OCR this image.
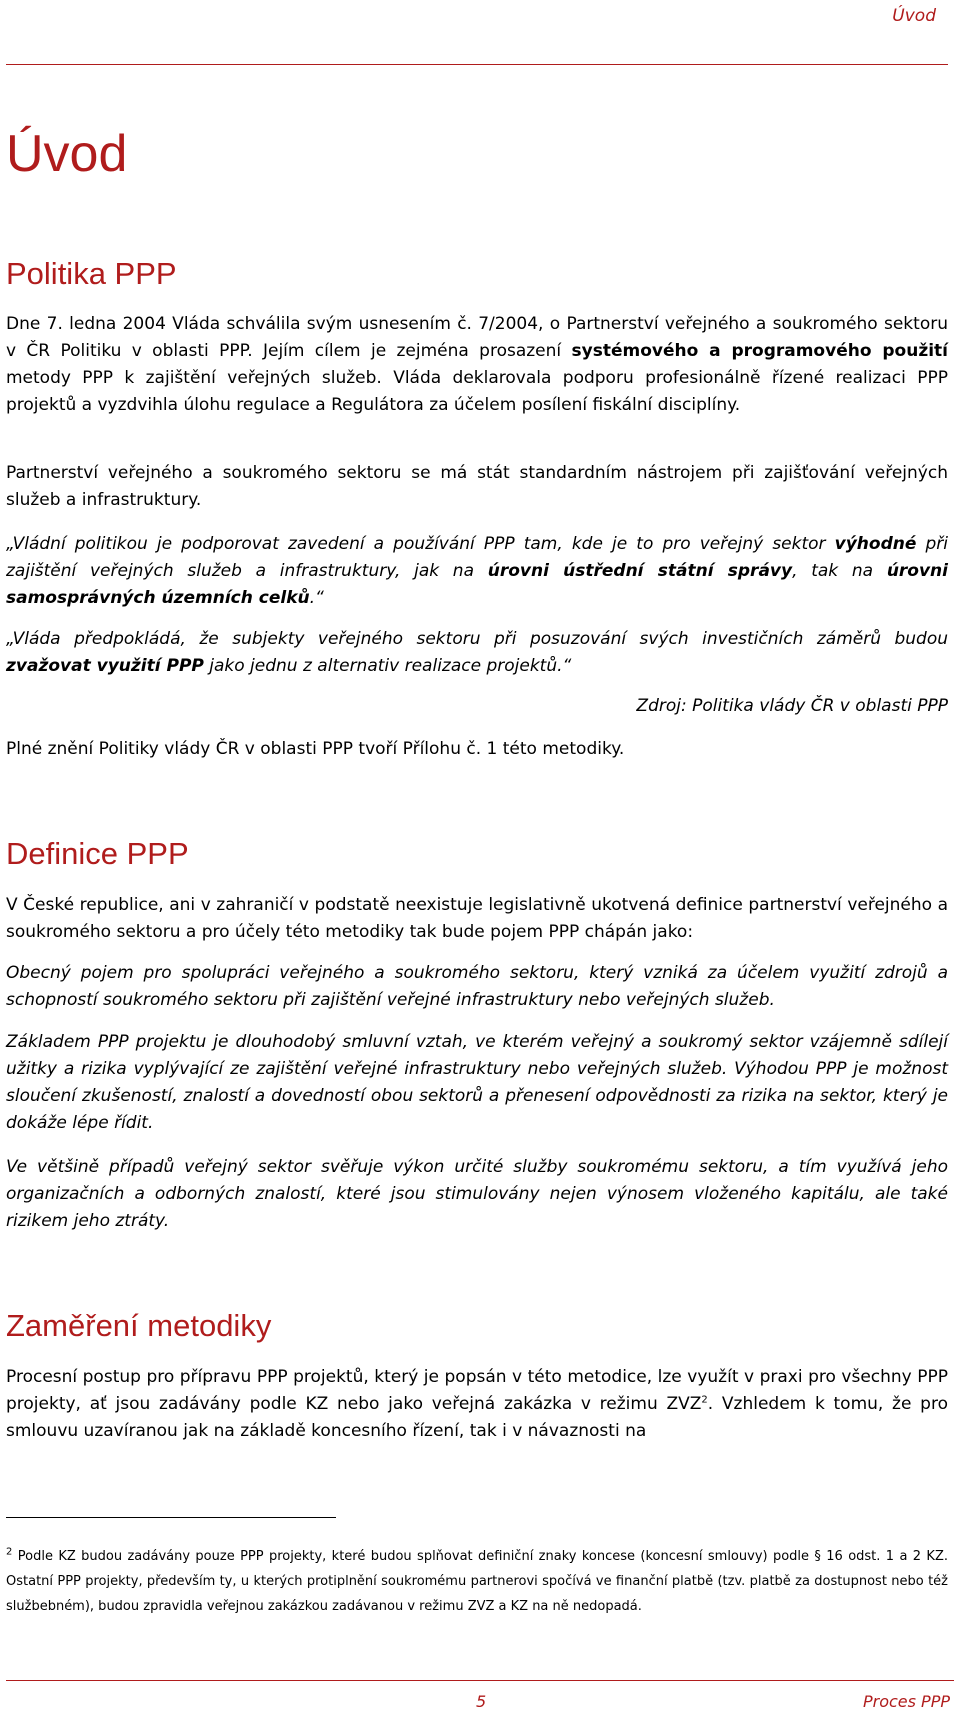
Úvod
Úvod
Politika PPP

Dne 7. ledna 2004 Vláda schválila svým usnesením č. 7/2004, o Partnerství veřejného a soukromého sektoru v ČR Politiku v oblasti PPP. Jejím cílem je zejména prosazení systémového a programového použití metody PPP k zajištění veřejných služeb. Vláda deklarovala podporu profesionálně řízené realizaci PPP projektů a vyzdvihla úlohu regulace a Regulátora za účelem posílení fiskální disciplíny.

Partnerství veřejného a soukromého sektoru se má stát standardním nástrojem při zajišťování veřejných služeb a infrastruktury.

„Vládní politikou je podporovat zavedení a používání PPP tam, kde je to pro veřejný sektor výhodné při zajištění veřejných služeb a infrastruktury, jak na úrovni ústřední státní správy, tak na úrovni samosprávných územních celků.“

„Vláda předpokládá, že subjekty veřejného sektoru při posuzování svých investičních záměrů budou zvažovat využití PPP jako jednu z alternativ realizace projektů.“

Zdroj: Politika vlády ČR v oblasti PPP

Plné znění Politiky vlády ČR v oblasti PPP tvoří Přílohu č. 1 této metodiky.

Definice PPP

V České republice, ani v zahraničí v podstatě neexistuje legislativně ukotvená definice partnerství veřejného a soukromého sektoru a pro účely této metodiky tak bude pojem PPP chápán jako:

Obecný pojem pro spolupráci veřejného a soukromého sektoru, který vzniká za účelem využití zdrojů a schopností soukromého sektoru při zajištění veřejné infrastruktury nebo veřejných služeb.

Základem PPP projektu je dlouhodobý smluvní vztah, ve kterém veřejný a soukromý sektor vzájemně sdílejí užitky a rizika vyplývající ze zajištění veřejné infrastruktury nebo veřejných služeb. Výhodou PPP je možnost sloučení zkušeností, znalostí a dovedností obou sektorů a přenesení odpovědnosti za rizika na sektor, který je dokáže lépe řídit.

Ve většině případů veřejný sektor svěřuje výkon určité služby soukromému sektoru, a tím využívá jeho organizačních a odborných znalostí, které jsou stimulovány nejen výnosem vloženého kapitálu, ale také rizikem jeho ztráty.

Zaměření metodiky

Procesní postup pro přípravu PPP projektů, který je popsán v této metodice, lze využít v praxi pro všechny PPP projekty, ať jsou zadávány podle KZ nebo jako veřejná zakázka v režimu ZVZ$^2$. Vzhledem k tomu, že pro smlouvu uzavíranou jak na základě koncesního řízení, tak i v návaznosti na

$^2$ Podle KZ budou zadávány pouze PPP projekty, které budou splňovat definiční znaky koncese (koncesní smlouvy) podle § 16 odst. 1 a 2 KZ. Ostatní PPP projekty, především ty, u kterých protiplnění soukromému partnerovi spočívá ve finanční platbě (tzv. platbě za dostupnost nebo též službebném), budou zpravidla veřejnou zakázkou zadávanou v režimu ZVZ a KZ na ně nedopadá.

5	Proces PPP
